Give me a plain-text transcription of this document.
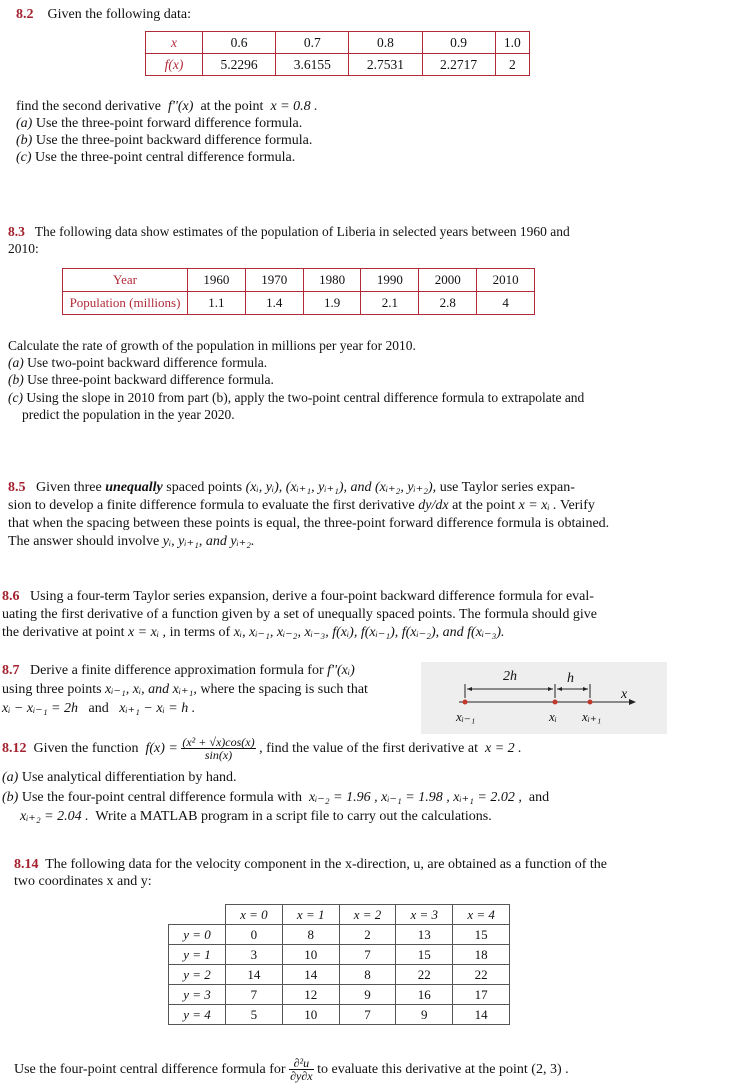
8.2 Given the following data:
x	0.6	0.7	0.8	0.9	1.0
f(x)	5.2296	3.6155	2.7531	2.2717	2
find the second derivative f''(x) at the point x = 0.8 .
(a) Use the three-point forward difference formula.
(b) Use the three-point backward difference formula.
(c) Use the three-point central difference formula.
8.3 The following data show estimates of the population of Liberia in selected years between 1960 and
2010:
Year	1960	1970	1980	1990	2000	2010
Population (millions)	1.1	1.4	1.9	2.1	2.8	4
Calculate the rate of growth of the population in millions per year for 2010.
(a) Use two-point backward difference formula.
(b) Use three-point backward difference formula.
(c) Using the slope in 2010 from part (b), apply the two-point central difference formula to extrapolate and
predict the population in the year 2020.
8.5 Given three unequally spaced points (xᵢ, yᵢ), (xᵢ₊₁, yᵢ₊₁), and (xᵢ₊₂, yᵢ₊₂), use Taylor series expan-
sion to develop a finite difference formula to evaluate the first derivative dy/dx at the point x = xᵢ . Verify
that when the spacing between these points is equal, the three-point forward difference formula is obtained.
The answer should involve yᵢ, yᵢ₊₁, and yᵢ₊₂.
8.6 Using a four-term Taylor series expansion, derive a four-point backward difference formula for eval-
uating the first derivative of a function given by a set of unequally spaced points. The formula should give
the derivative at point x = xᵢ , in terms of xᵢ, xᵢ₋₁, xᵢ₋₂, xᵢ₋₃, f(xᵢ), f(xᵢ₋₁), f(xᵢ₋₂), and f(xᵢ₋₃).
8.7 Derive a finite difference approximation formula for f''(xᵢ)
using three points xᵢ₋₁, xᵢ, and xᵢ₊₁, where the spacing is such that
xᵢ − xᵢ₋₁ = 2h and xᵢ₊₁ − xᵢ = h .
2h	h
x
xᵢ₋₁	xᵢ xᵢ₊₁
8.12 Given the function $f(x) = \frac{\text{(x² + √x)cos(x)}}{\sin(x)}$ , find the value of the first derivative at x = 2 .
(a) Use analytical differentiation by hand.
(b) Use the four-point central difference formula with xᵢ₋₂ = 1.96 , xᵢ₋₁ = 1.98 , xᵢ₊₁ = 2.02 , and
xᵢ₊₂ = 2.04 . Write a MATLAB program in a script file to carry out the calculations.
8.14 The following data for the velocity component in the x-direction, u, are obtained as a function of the
two coordinates x and y:
	x = 0	x = 1	x = 2	x = 3	x = 4
y = 0	0	8	2	13	15
y = 1	3	10	7	15	18
y = 2	14	14	8	22	22
y = 3	7	12	9	16	17
y = 4	5	10	7	9	14
Use the four-point central difference formula for $\frac{\text{∂²u}}{\partial y\partial x}$ to evaluate this derivative at the point (2, 3) .
